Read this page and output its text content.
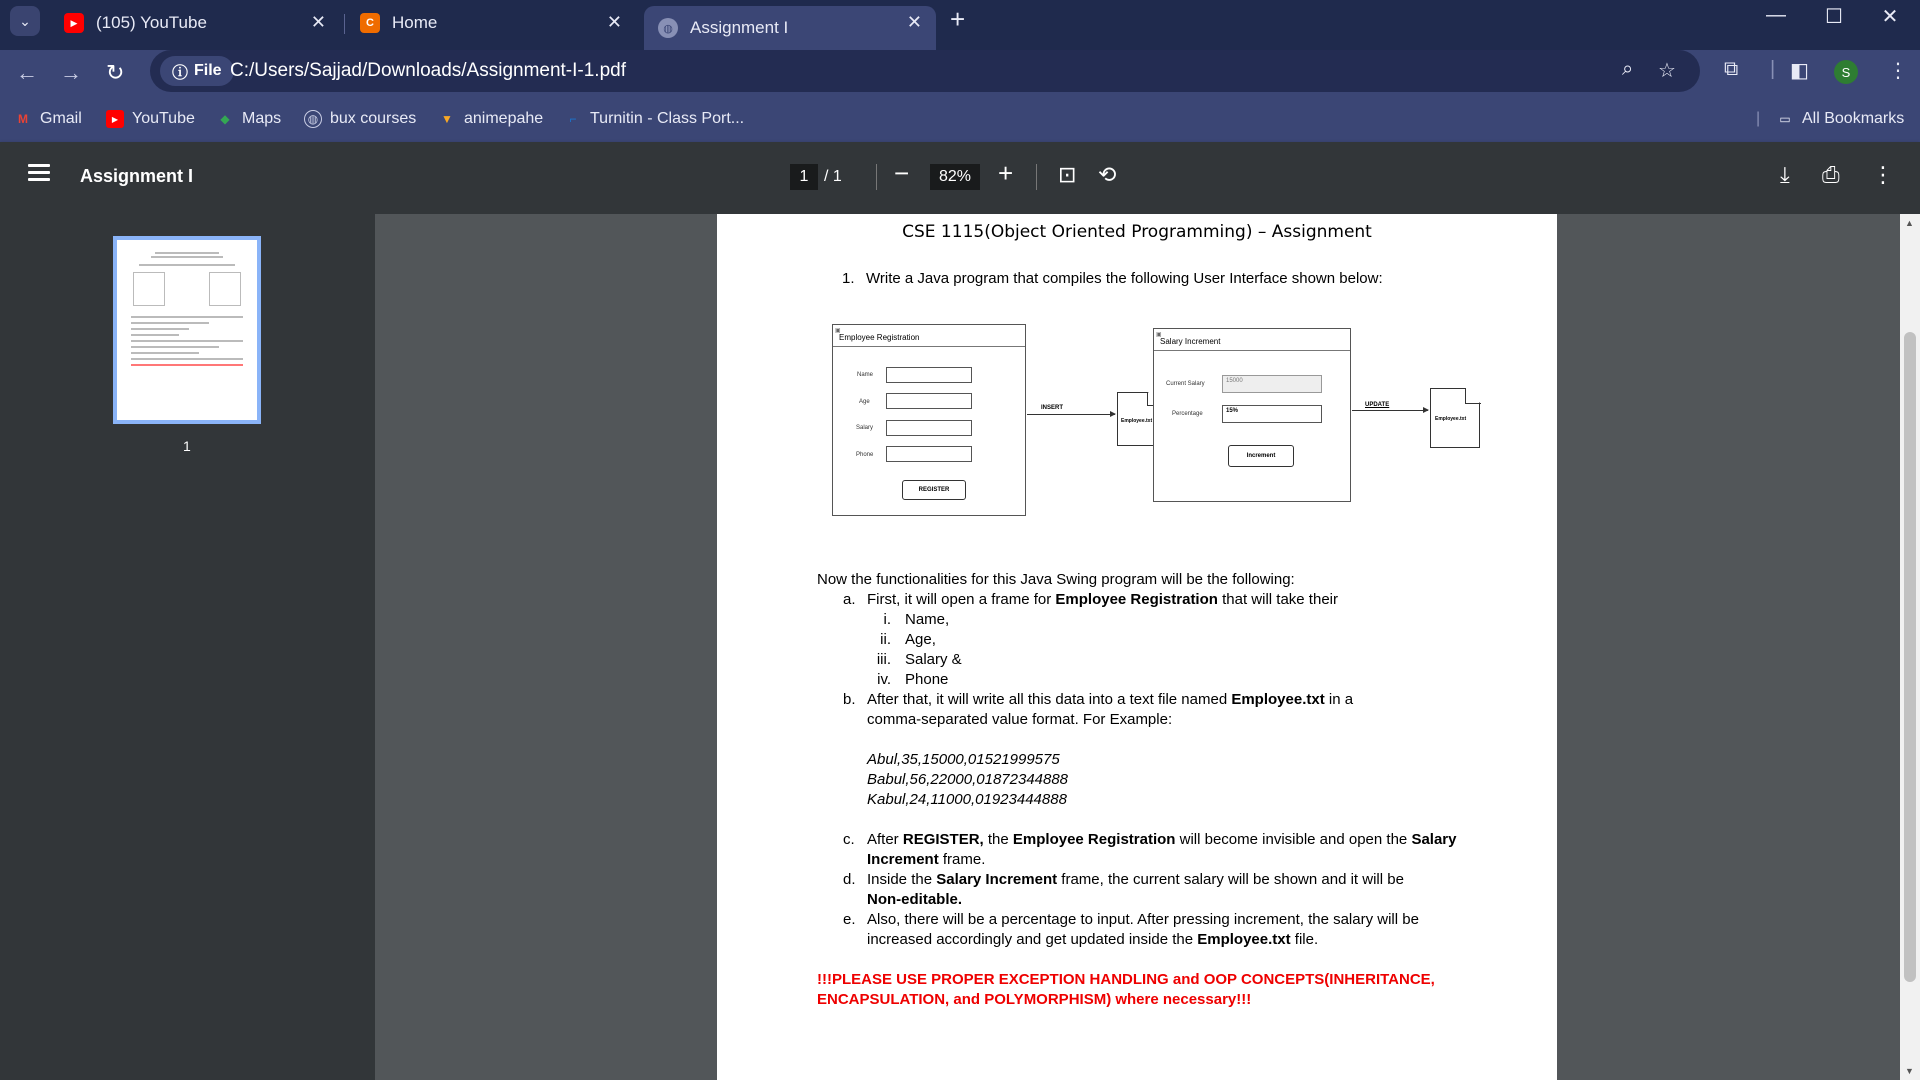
⌄	▶	(105) YouTube	✕	C	Home	✕	◍	Assignment I	✕ +	—	☐	✕
← → ↻	ⓘ File C:/Users/Sajjad/Downloads/Assignment-I-1.pdf	⌕ ☆ ⧉ | ◧	S	⋮
M Gmail	▶ YouTube	◆ Maps	◍ bux courses ▼ animepahe	⌐ Turnitin - Class Port...	| ▭ All Bookmarks
Assignment I	1 / 1 −	82%	+ ⊡ ⟲	⤓ ⎙ ⋮
1
CSE 1115(Object Oriented Programming) – Assignment
1. Write a Java program that compiles the following User Interface shown below:
▣
Employee Registration
Name
Age
Salary
Phone
REGISTER
INSERT
Employee.txt
▣
Salary Increment
Current Salary
Percentage
15000
15%
Increment
UPDATE
Employee.txt
Now the functionalities for this Java Swing program will be the following:
a. First, it will open a frame for Employee Registration that will take their
i. Name,
ii. Age,
iii. Salary &
iv. Phone
b. After that, it will write all this data into a text file named Employee.txt in a
comma-separated value format. For Example:
Abul,35,15000,01521999575
Babul,56,22000,01872344888
Kabul,24,11000,01923444888
c. After REGISTER, the Employee Registration will become invisible and open the Salary
Increment frame.
d. Inside the Salary Increment frame, the current salary will be shown and it will be
Non-editable.
e. Also, there will be a percentage to input. After pressing increment, the salary will be
increased accordingly and get updated inside the Employee.txt file.
!!!PLEASE USE PROPER EXCEPTION HANDLING and OOP CONCEPTS(INHERITANCE,
ENCAPSULATION, and POLYMORPHISM) where necessary!!!
▲
▼
